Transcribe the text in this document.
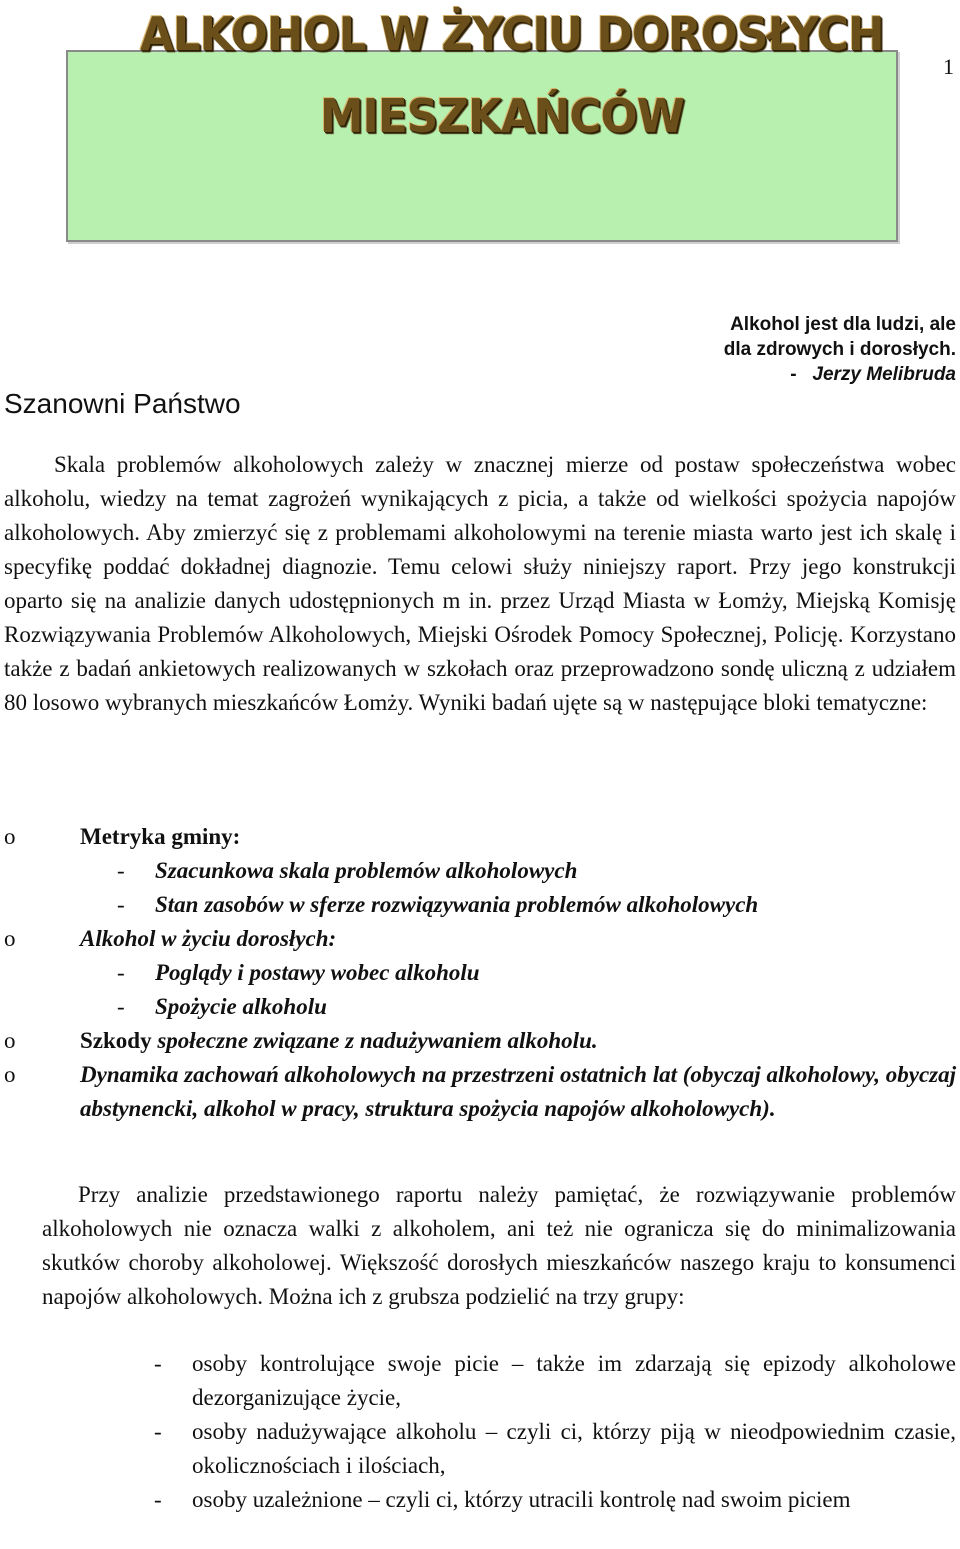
ALKOHOL W ŻYCIU DOROSŁYCH
MIESZKAŃCÓW
1
Alkohol jest dla ludzi, ale
dla zdrowych i dorosłych.
- Jerzy Melibruda
Szanowni Państwo

Skala problemów alkoholowych zależy w znacznej mierze od postaw społeczeństwa wobec alkoholu, wiedzy na temat zagrożeń wynikających z picia, a także od wielkości spożycia napojów alkoholowych. Aby zmierzyć się z problemami alkoholowymi na terenie miasta warto jest ich skalę i specyfikę poddać dokładnej diagnozie. Temu celowi służy niniejszy raport. Przy jego konstrukcji oparto się na analizie danych udostępnionych m in. przez Urząd Miasta w Łomży, Miejską Komisję Rozwiązywania Problemów Alkoholowych, Miejski Ośrodek Pomocy Społecznej, Policję. Korzystano także z badań ankietowych realizowanych w szkołach oraz przeprowadzono sondę uliczną z udziałem 80 losowo wybranych mieszkańców Łomży. Wyniki badań ujęte są w następujące bloki tematyczne:

o	Metryka gminy:
- Szacunkowa skala problemów alkoholowych
- Stan zasobów w sferze rozwiązywania problemów alkoholowych
o	Alkohol w życiu dorosłych:
- Poglądy i postawy wobec alkoholu
- Spożycie alkoholu
o	Szkody społeczne związane z nadużywaniem alkoholu.
o	Dynamika zachowań alkoholowych na przestrzeni ostatnich lat (obyczaj alkoholowy, obyczaj abstynencki, alkohol w pracy, struktura spożycia napojów alkoholowych).

Przy analizie przedstawionego raportu należy pamiętać, że rozwiązywanie problemów alkoholowych nie oznacza walki z alkoholem, ani też nie ogranicza się do minimalizowania skutków choroby alkoholowej. Większość dorosłych mieszkańców naszego kraju to konsumenci napojów alkoholowych. Można ich z grubsza podzielić na trzy grupy:

- osoby kontrolujące swoje picie – także im zdarzają się epizody alkoholowe dezorganizujące życie,
- osoby nadużywające alkoholu – czyli ci, którzy piją w nieodpowiednim czasie, okolicznościach i ilościach,
- osoby uzależnione – czyli ci, którzy utracili kontrolę nad swoim piciem
